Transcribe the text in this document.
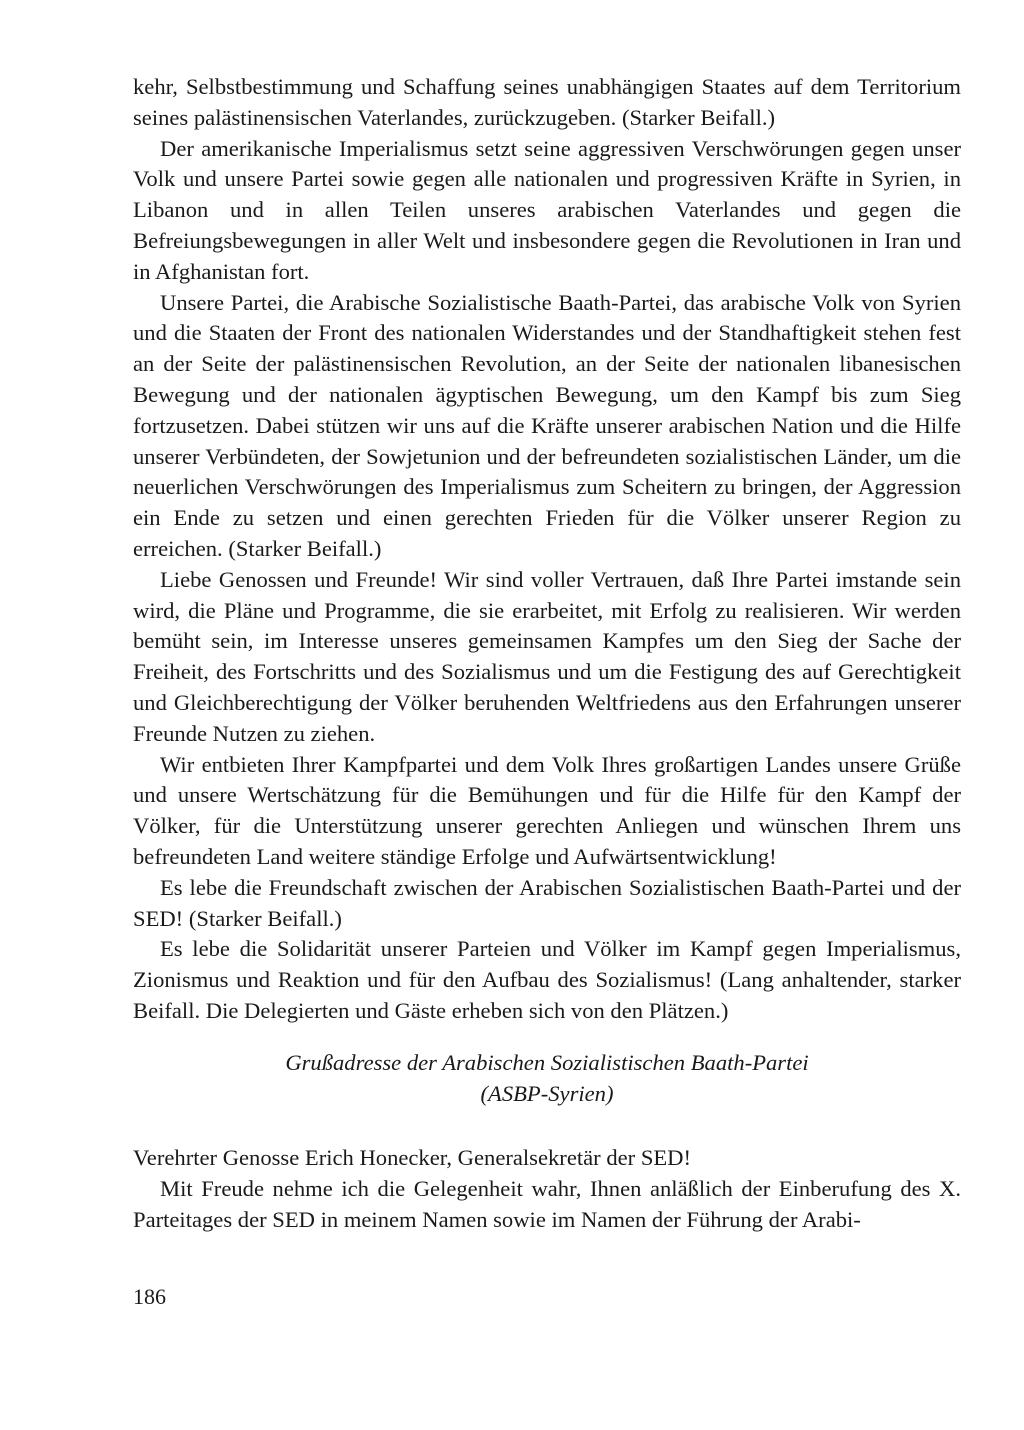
kehr, Selbstbestimmung und Schaffung seines unabhängigen Staates auf dem Territorium seines palästinensischen Vaterlandes, zurückzugeben. (Starker Beifall.)

Der amerikanische Imperialismus setzt seine aggressiven Verschwörungen gegen unser Volk und unsere Partei sowie gegen alle nationalen und progressiven Kräfte in Syrien, in Libanon und in allen Teilen unseres arabischen Vaterlandes und gegen die Befreiungsbewegungen in aller Welt und insbesondere gegen die Revolutionen in Iran und in Afghanistan fort.

Unsere Partei, die Arabische Sozialistische Baath-Partei, das arabische Volk von Syrien und die Staaten der Front des nationalen Widerstandes und der Standhaftigkeit stehen fest an der Seite der palästinensischen Revolution, an der Seite der nationalen libanesischen Bewegung und der nationalen ägyptischen Bewegung, um den Kampf bis zum Sieg fortzusetzen. Dabei stützen wir uns auf die Kräfte unserer arabischen Nation und die Hilfe unserer Verbündeten, der Sowjetunion und der befreundeten sozialistischen Länder, um die neuerlichen Verschwörungen des Imperialismus zum Scheitern zu bringen, der Aggression ein Ende zu setzen und einen gerechten Frieden für die Völker unserer Region zu erreichen. (Starker Beifall.)

Liebe Genossen und Freunde! Wir sind voller Vertrauen, daß Ihre Partei imstande sein wird, die Pläne und Programme, die sie erarbeitet, mit Erfolg zu realisieren. Wir werden bemüht sein, im Interesse unseres gemeinsamen Kampfes um den Sieg der Sache der Freiheit, des Fortschritts und des Sozialismus und um die Festigung des auf Gerechtigkeit und Gleichberechtigung der Völker beruhenden Weltfriedens aus den Erfahrungen unserer Freunde Nutzen zu ziehen.

Wir entbieten Ihrer Kampfpartei und dem Volk Ihres großartigen Landes unsere Grüße und unsere Wertschätzung für die Bemühungen und für die Hilfe für den Kampf der Völker, für die Unterstützung unserer gerechten Anliegen und wünschen Ihrem uns befreundeten Land weitere ständige Erfolge und Aufwärtsentwicklung!

Es lebe die Freundschaft zwischen der Arabischen Sozialistischen Baath-Partei und der SED! (Starker Beifall.)

Es lebe die Solidarität unserer Parteien und Völker im Kampf gegen Imperialismus, Zionismus und Reaktion und für den Aufbau des Sozialismus! (Lang anhaltender, starker Beifall. Die Delegierten und Gäste erheben sich von den Plätzen.)

Grußadresse der Arabischen Sozialistischen Baath-Partei
(ASBP-Syrien)

Verehrter Genosse Erich Honecker, Generalsekretär der SED!

Mit Freude nehme ich die Gelegenheit wahr, Ihnen anläßlich der Einberufung des X. Parteitages der SED in meinem Namen sowie im Namen der Führung der Arabi-

186
